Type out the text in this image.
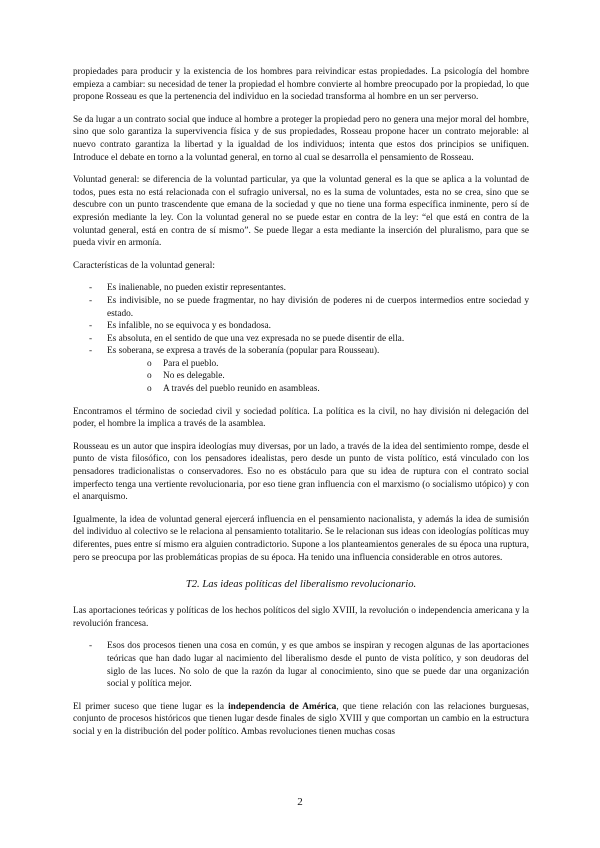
propiedades para producir y la existencia de los hombres para reivindicar estas propiedades. La psicología del hombre empieza a cambiar: su necesidad de tener la propiedad el hombre convierte al hombre preocupado por la propiedad, lo que propone Rosseau es que la pertenencia del individuo en la sociedad transforma al hombre en un ser perverso.

Se da lugar a un contrato social que induce al hombre a proteger la propiedad pero no genera una mejor moral del hombre, sino que solo garantiza la supervivencia física y de sus propiedades, Rosseau propone hacer un contrato mejorable: al nuevo contrato garantiza la libertad y la igualdad de los individuos; intenta que estos dos principios se unifiquen. Introduce el debate en torno a la voluntad general, en torno al cual se desarrolla el pensamiento de Rosseau.

Voluntad general: se diferencia de la voluntad particular, ya que la voluntad general es la que se aplica a la voluntad de todos, pues esta no está relacionada con el sufragio universal, no es la suma de voluntades, esta no se crea, sino que se descubre con un punto trascendente que emana de la sociedad y que no tiene una forma específica inminente, pero sí de expresión mediante la ley. Con la voluntad general no se puede estar en contra de la ley: “el que está en contra de la voluntad general, está en contra de sí mismo”. Se puede llegar a esta mediante la inserción del pluralismo, para que se pueda vivir en armonía.

Características de la voluntad general:

- Es inalienable, no pueden existir representantes.
- Es indivisible, no se puede fragmentar, no hay división de poderes ni de cuerpos intermedios entre sociedad y estado.
- Es infalible, no se equivoca y es bondadosa.
- Es absoluta, en el sentido de que una vez expresada no se puede disentir de ella.
- Es soberana, se expresa a través de la soberanía (popular para Rousseau).
o Para el pueblo.
o No es delegable.
o A través del pueblo reunido en asambleas.

Encontramos el término de sociedad civil y sociedad política. La política es la civil, no hay división ni delegación del poder, el hombre la implica a través de la asamblea.

Rousseau es un autor que inspira ideologías muy diversas, por un lado, a través de la idea del sentimiento rompe, desde el punto de vista filosófico, con los pensadores idealistas, pero desde un punto de vista político, está vinculado con los pensadores tradicionalistas o conservadores. Eso no es obstáculo para que su idea de ruptura con el contrato social imperfecto tenga una vertiente revolucionaria, por eso tiene gran influencia con el marxismo (o socialismo utópico) y con el anarquismo.

Igualmente, la idea de voluntad general ejercerá influencia en el pensamiento nacionalista, y además la idea de sumisión del individuo al colectivo se le relaciona al pensamiento totalitario. Se le relacionan sus ideas con ideologías políticas muy diferentes, pues entre sí mismo era alguien contradictorio. Supone a los planteamientos generales de su época una ruptura, pero se preocupa por las problemáticas propias de su época. Ha tenido una influencia considerable en otros autores.

T2. Las ideas políticas del liberalismo revolucionario.

Las aportaciones teóricas y políticas de los hechos políticos del siglo XVIII, la revolución o independencia americana y la revolución francesa.

- Esos dos procesos tienen una cosa en común, y es que ambos se inspiran y recogen algunas de las aportaciones teóricas que han dado lugar al nacimiento del liberalismo desde el punto de vista político, y son deudoras del siglo de las luces. No solo de que la razón da lugar al conocimiento, sino que se puede dar una organización social y política mejor.

El primer suceso que tiene lugar es la independencia de América, que tiene relación con las relaciones burguesas, conjunto de procesos históricos que tienen lugar desde finales de siglo XVIII y que comportan un cambio en la estructura social y en la distribución del poder político. Ambas revoluciones tienen muchas cosas

2
